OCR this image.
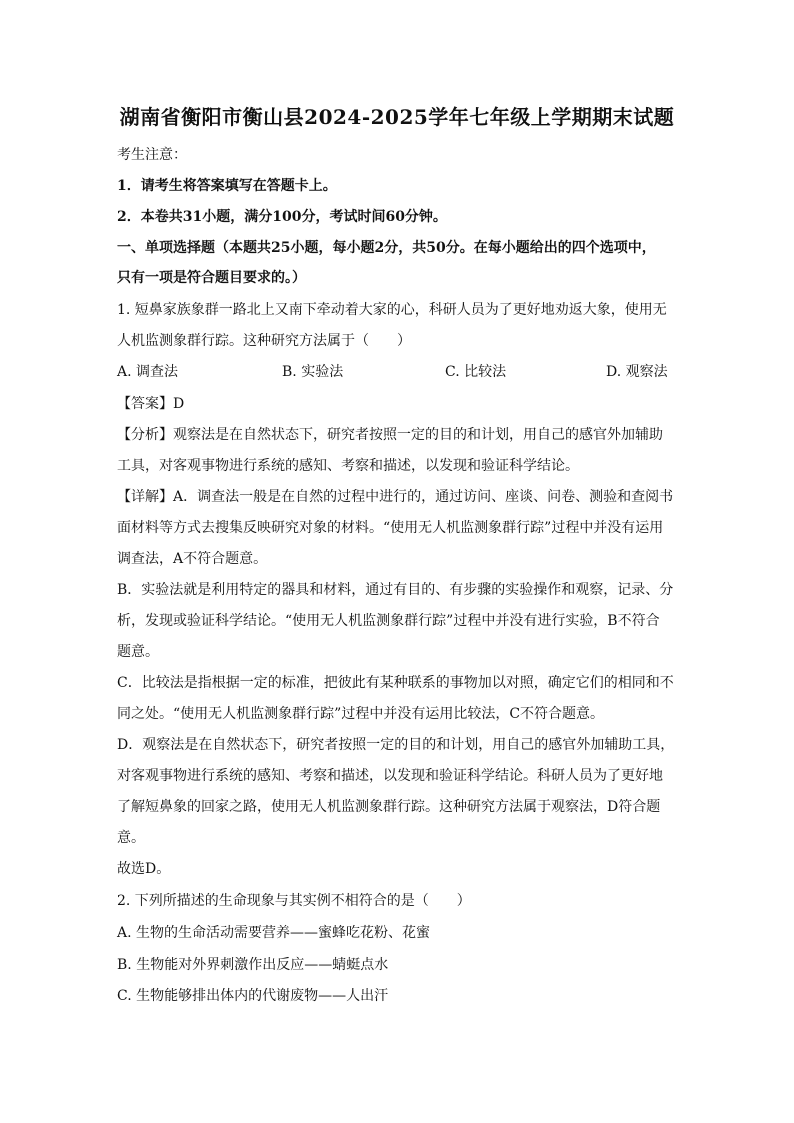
湖南省衡阳市衡山县2024-2025学年七年级上学期期末试题
考生注意：
1．请考生将答案填写在答题卡上。
2．本卷共31小题，满分100分，考试时间60分钟。
一、单项选择题（本题共25小题，每小题2分，共50分。在每小题给出的四个选项中，
只有一项是符合题目要求的。）
1. 短鼻家族象群一路北上又南下牵动着大家的心，科研人员为了更好地劝返大象，使用无
人机监测象群行踪。这种研究方法属于（　　）
A. 调查法	B. 实验法	C. 比较法	D. 观察法
【答案】D
【分析】观察法是在自然状态下，研究者按照一定的目的和计划，用自己的感官外加辅助
工具，对客观事物进行系统的感知、考察和描述，以发现和验证科学结论。
【详解】A．调查法一般是在自然的过程中进行的，通过访问、座谈、问卷、测验和查阅书
面材料等方式去搜集反映研究对象的材料。“使用无人机监测象群行踪”过程中并没有运用
调查法，A不符合题意。
B．实验法就是利用特定的器具和材料，通过有目的、有步骤的实验操作和观察，记录、分
析，发现或验证科学结论。“使用无人机监测象群行踪”过程中并没有进行实验，B不符合
题意。
C．比较法是指根据一定的标准，把彼此有某种联系的事物加以对照，确定它们的相同和不
同之处。“使用无人机监测象群行踪”过程中并没有运用比较法，C不符合题意。
D．观察法是在自然状态下，研究者按照一定的目的和计划，用自己的感官外加辅助工具，
对客观事物进行系统的感知、考察和描述，以发现和验证科学结论。科研人员为了更好地
了解短鼻象的回家之路，使用无人机监测象群行踪。这种研究方法属于观察法，D符合题
意。
故选D。
2. 下列所描述的生命现象与其实例不相符合的是（　　）
A. 生物的生命活动需要营养——蜜蜂吃花粉、花蜜
B. 生物能对外界刺激作出反应——蜻蜓点水
C. 生物能够排出体内的代谢废物——人出汗
